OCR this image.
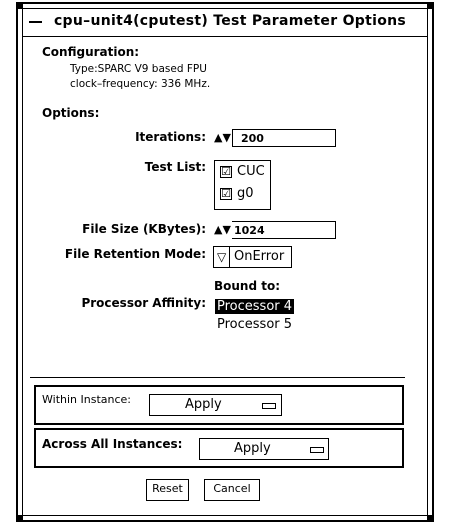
cpu–unit4(cputest) Test Parameter Options
Configuration:
Type:SPARC V9 based FPU
clock–frequency: 336 MHz.
Options:
Iterations: ▲▼ 200
Test List: ☑ CUC
☑ g0
File Size (KBytes): ▲▼ 1024
File Retention Mode: ▽ OnError
Bound to:
Processor Affinity: Processor 4
Processor 5
Within Instance:	Apply
Across All Instances:	Apply
Reset	Cancel
